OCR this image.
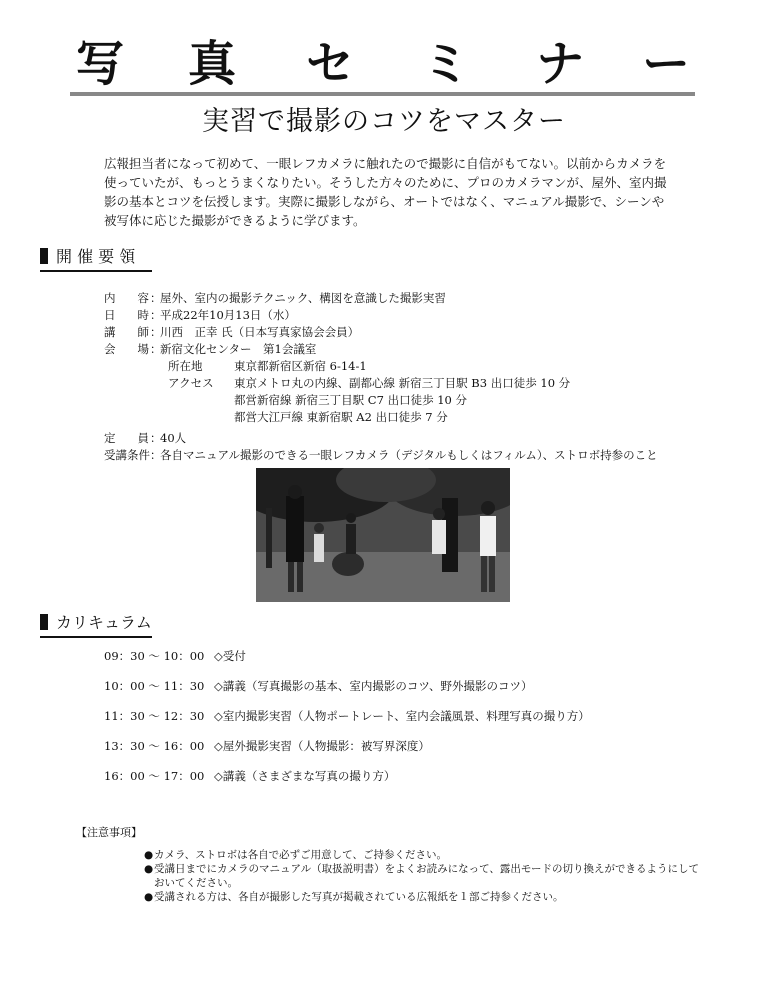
写 真 セ ミ ナ ー
実習で撮影のコツをマスター
広報担当者になって初めて、一眼レフカメラに触れたので撮影に自信がもてない。以前からカメラを使っていたが、もっとうまくなりたい。そうした方々のために、プロのカメラマンが、屋外、室内撮影の基本とコツを伝授します。実際に撮影しながら、オートではなく、マニュアル撮影で、シーンや被写体に応じた撮影ができるように学びます。
開 催 要 領
内容 ：
屋外、室内の撮影テクニック、構図を意識した撮影実習
日時 ：
平成22年10月13日（水）
講師 ：
川西　正幸 氏（日本写真家協会会員）
会場 ：
新宿文化センター　第1会議室
所在地	東京都新宿区新宿 6-14-1
アクセス 東京メトロ丸の内線、副都心線 新宿三丁目駅 B3 出口徒歩 10 分
都営新宿線 新宿三丁目駅 C7 出口徒歩 10 分
都営大江戸線 東新宿駅 A2 出口徒歩 7 分
定員 ：
40人
受講条件 ：
各自マニュアル撮影のできる一眼レフカメラ（デジタルもしくはフィルム）、ストロボ持参のこと
カリキュラム
09：30 〜 10：00 ◇受付
10：00 〜 11：30 ◇講義（写真撮影の基本、室内撮影のコツ、野外撮影のコツ）
11：30 〜 12：30 ◇室内撮影実習（人物ポートレート、室内会議風景、料理写真の撮り方）
13：30 〜 16：00 ◇屋外撮影実習（人物撮影：被写界深度）
16：00 〜 17：00 ◇講義（さまざまな写真の撮り方）
【注意事項】
● カメラ、ストロボは各自で必ずご用意して、ご持参ください。
● 受講日までにカメラのマニュアル（取扱説明書）をよくお読みになって、露出モードの切り換えができるようにしておいてください。
● 受講される方は、各自が撮影した写真が掲載されている広報紙を１部ご持参ください。
